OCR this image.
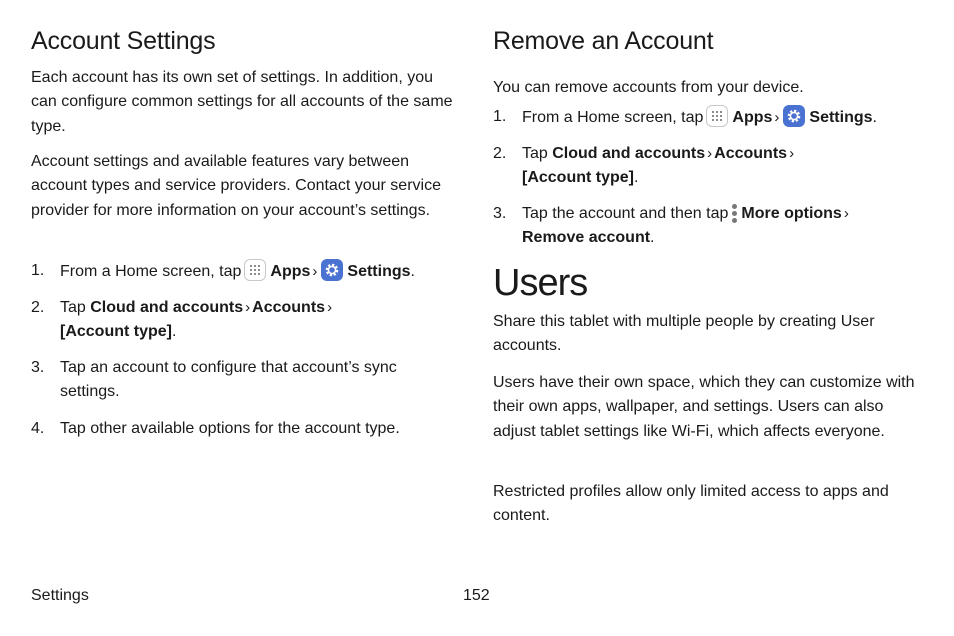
Account Settings

Each account has its own set of settings. In addition, you can configure common settings for all accounts of the same type.

Account settings and available features vary between account types and service providers. Contact your service provider for more information on your account’s settings.

1. From a Home screen, tap Apps › Settings.
2. Tap Cloud and accounts › Accounts ›
[Account type].
3. Tap an account to configure that account’s sync settings.
4. Tap other available options for the account type.
Remove an Account

You can remove accounts from your device.

1. From a Home screen, tap Apps › Settings.
2. Tap Cloud and accounts › Accounts ›
[Account type].
3. Tap the account and then tap More options ›
Remove account.
Users

Share this tablet with multiple people by creating User accounts.

Users have their own space, which they can customize with their own apps, wallpaper, and settings. Users can also adjust tablet settings like Wi-Fi, which affects everyone.

Restricted profiles allow only limited access to apps and content.

Settings	152
